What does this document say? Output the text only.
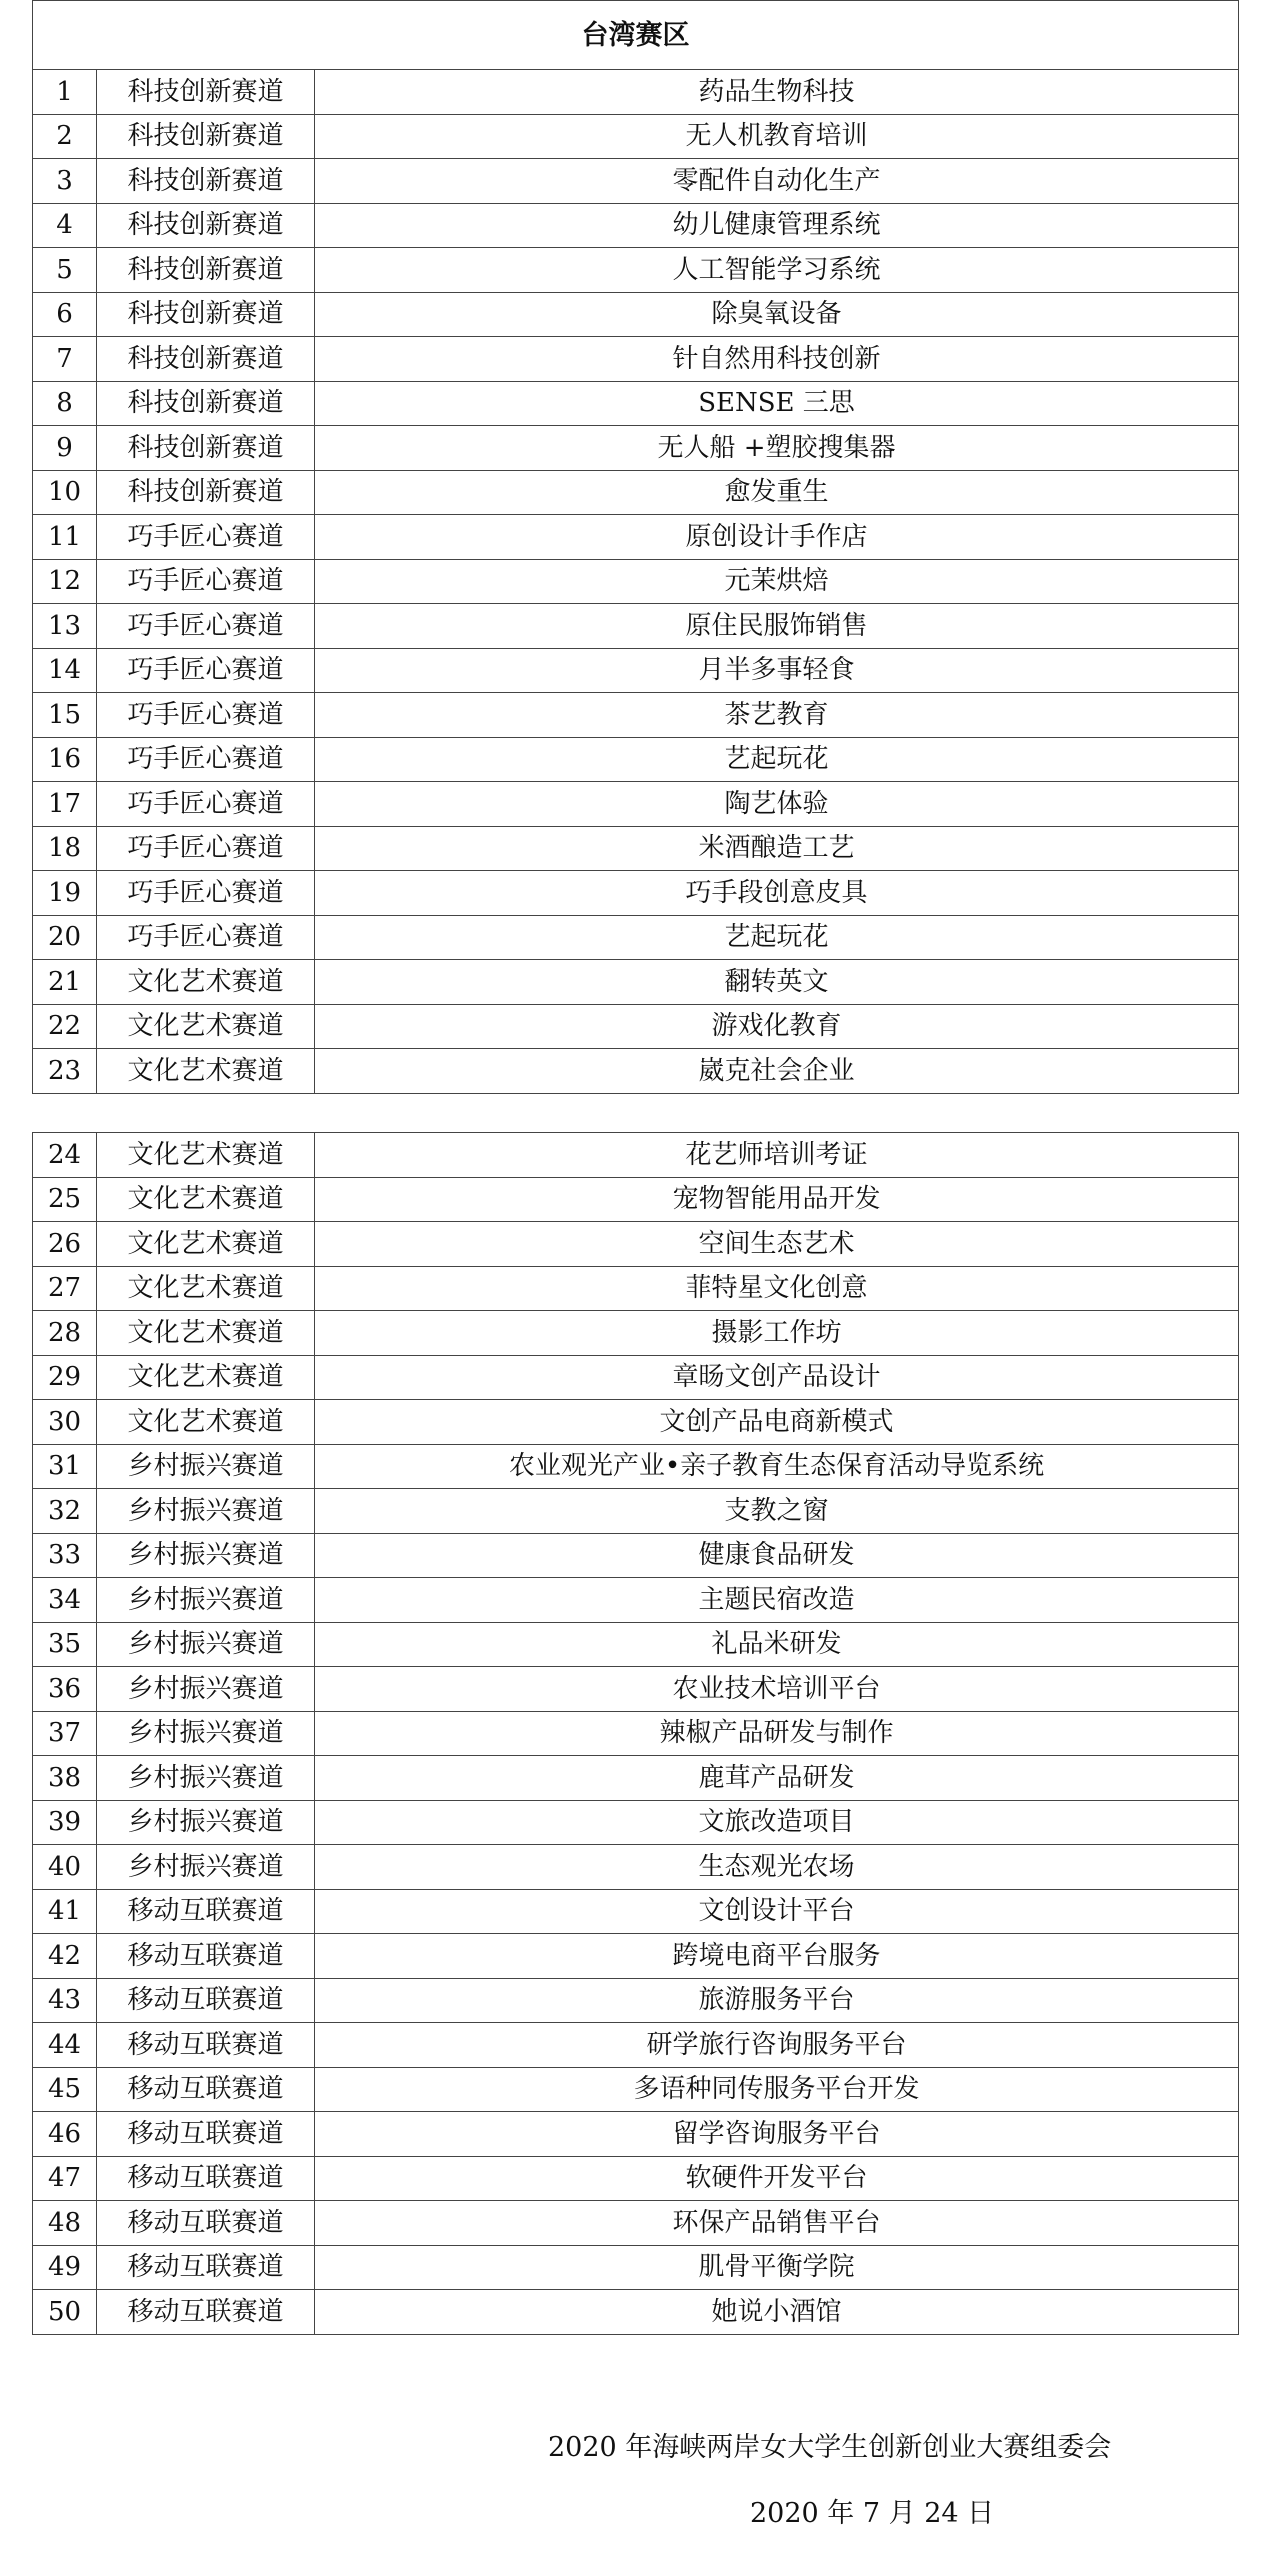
台湾赛区		
1	科技创新赛道	药品生物科技
2	科技创新赛道	无人机教育培训
3	科技创新赛道	零配件自动化生产
4	科技创新赛道	幼儿健康管理系统
5	科技创新赛道	人工智能学习系统
6	科技创新赛道	除臭氧设备
7	科技创新赛道	针自然用科技创新
8	科技创新赛道	SENSE 三思
9	科技创新赛道	无人船 +塑胶搜集器
10	科技创新赛道	愈发重生
11	巧手匠心赛道	原创设计手作店
12	巧手匠心赛道	元茉烘焙
13	巧手匠心赛道	原住民服饰销售
14	巧手匠心赛道	月半多事轻食
15	巧手匠心赛道	茶艺教育
16	巧手匠心赛道	艺起玩花
17	巧手匠心赛道	陶艺体验
18	巧手匠心赛道	米酒酿造工艺
19	巧手匠心赛道	巧手段创意皮具
20	巧手匠心赛道	艺起玩花
21	文化艺术赛道	翻转英文
22	文化艺术赛道	游戏化教育
23	文化艺术赛道	崴克社会企业
24	文化艺术赛道	花艺师培训考证
25	文化艺术赛道	宠物智能用品开发
26	文化艺术赛道	空间生态艺术
27	文化艺术赛道	菲特星文化创意
28	文化艺术赛道	摄影工作坊
29	文化艺术赛道	章旸文创产品设计
30	文化艺术赛道	文创产品电商新模式
31	乡村振兴赛道	农业观光产业•亲子教育生态保育活动导览系统
32	乡村振兴赛道	支教之窗
33	乡村振兴赛道	健康食品研发
34	乡村振兴赛道	主题民宿改造
35	乡村振兴赛道	礼品米研发
36	乡村振兴赛道	农业技术培训平台
37	乡村振兴赛道	辣椒产品研发与制作
38	乡村振兴赛道	鹿茸产品研发
39	乡村振兴赛道	文旅改造项目
40	乡村振兴赛道	生态观光农场
41	移动互联赛道	文创设计平台
42	移动互联赛道	跨境电商平台服务
43	移动互联赛道	旅游服务平台
44	移动互联赛道	研学旅行咨询服务平台
45	移动互联赛道	多语种同传服务平台开发
46	移动互联赛道	留学咨询服务平台
47	移动互联赛道	软硬件开发平台
48	移动互联赛道	环保产品销售平台
49	移动互联赛道	肌骨平衡学院
50	移动互联赛道	她说小酒馆
2020 年海峡两岸女大学生创新创业大赛组委会
2020 年 7 月 24 日
